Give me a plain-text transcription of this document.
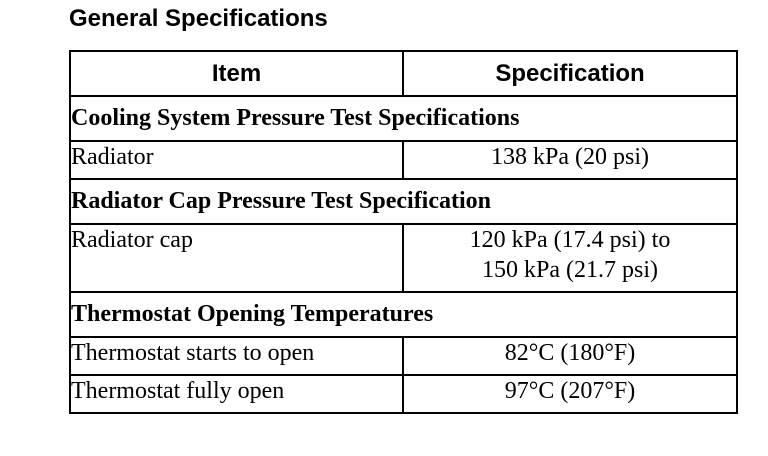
General Specifications
Item	Specification
Cooling System Pressure Test Specifications	
Radiator	138 kPa (20 psi)

Radiator Cap Pressure Test Specification	
Radiator cap	120 kPa (17.4 psi) to
150 kPa (21.7 psi)

Thermostat Opening Temperatures	
Thermostat starts to open	82°C (180°F)

Thermostat fully open	97°C (207°F)
